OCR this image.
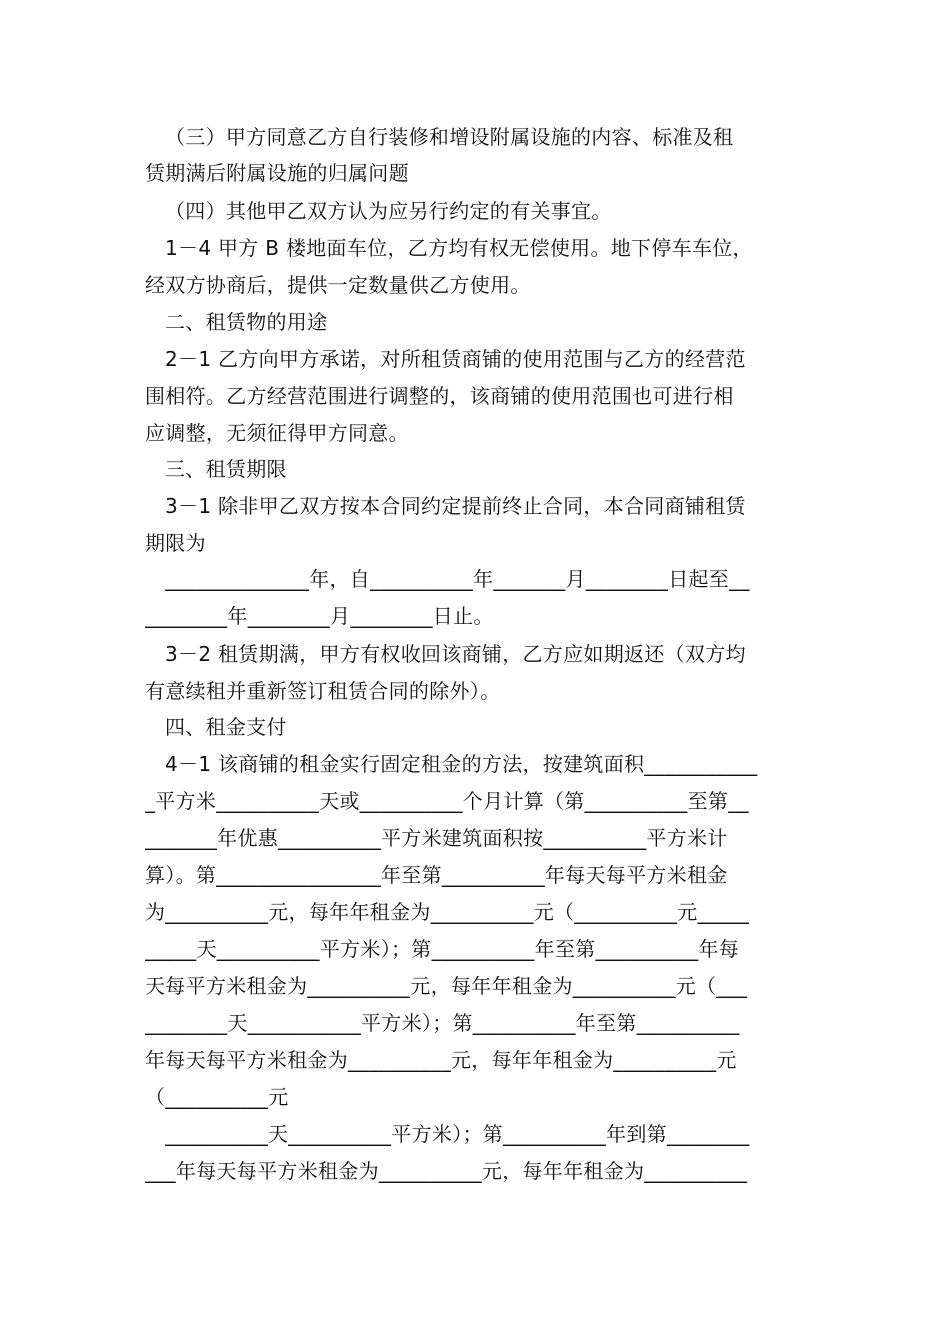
（三）甲方同意乙方自行装修和增设附属设施的内容、标准及租
赁期满后附属设施的归属问题
（四）其他甲乙双方认为应另行约定的有关事宜。
1－4 甲方 B 楼地面车位，乙方均有权无偿使用。地下停车车位，
经双方协商后，提供一定数量供乙方使用。
二、租赁物的用途
2－1 乙方向甲方承诺，对所租赁商铺的使用范围与乙方的经营范
围相符。乙方经营范围进行调整的，该商铺的使用范围也可进行相
应调整，无须征得甲方同意。
三、租赁期限
3－1 除非甲乙双方按本合同约定提前终止合同，本合同商铺租赁
期限为
______________年，自__________年_______月________日起至__
________年________月________日止。
3－2 租赁期满，甲方有权收回该商铺，乙方应如期返还（双方均
有意续租并重新签订租赁合同的除外）。
四、租金支付
4－1 该商铺的租金实行固定租金的方法，按建筑面积___________
_平方米__________天或__________个月计算（第__________至第__
_______年优惠__________平方米建筑面积按__________平方米计
算）。第________________年至第__________年每天每平方米租金
为__________元，每年年租金为__________元（__________元_____
_____天__________平方米）；第__________年至第__________年每
天每平方米租金为__________元，每年年租金为__________元（___
________天___________平方米）；第__________年至第__________
年每天每平方米租金为__________元，每年年租金为__________元
（__________元
__________天__________平方米）；第__________年到第________
___年每天每平方米租金为__________元，每年年租金为__________
